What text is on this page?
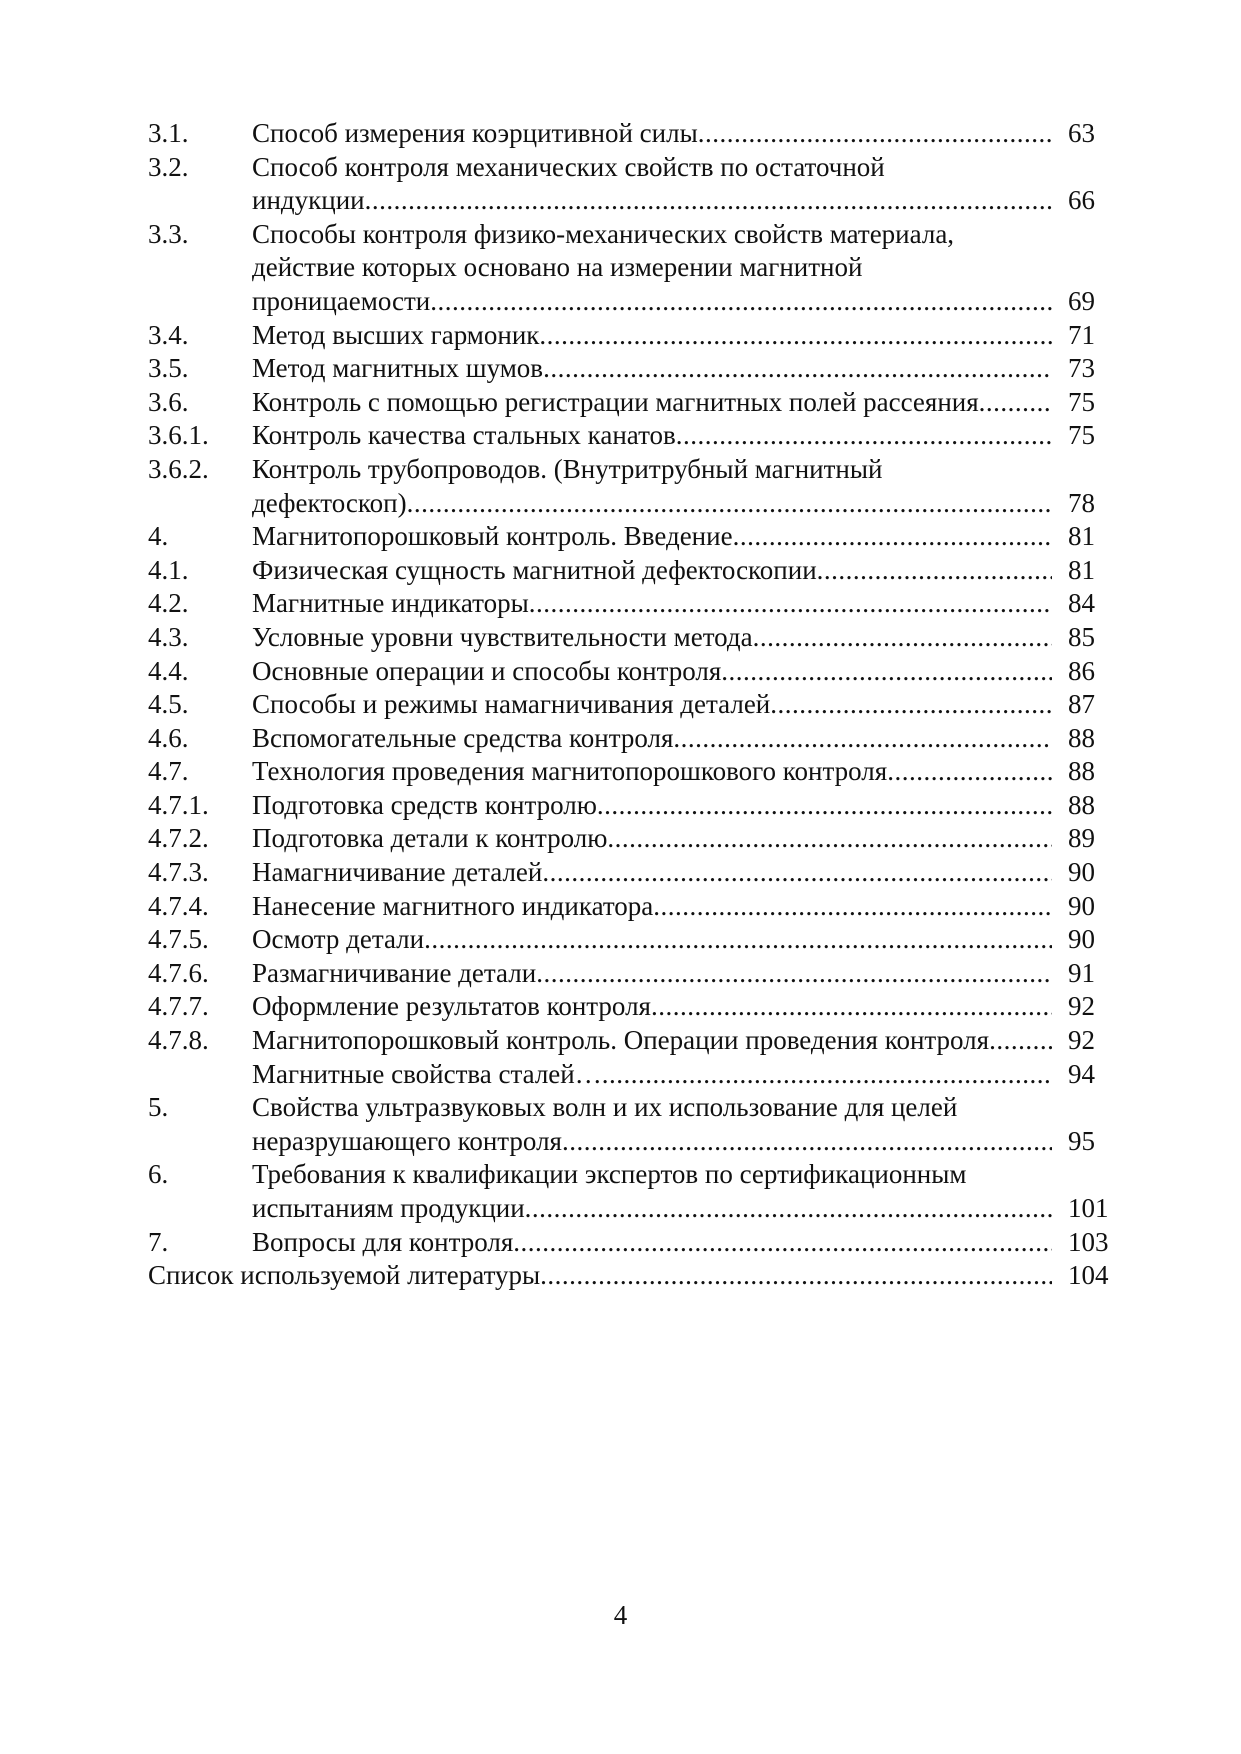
3.1. Способ измерения коэрцитивной силы .....	63
3.2. Способ контроля механических свойств по остаточной
индукции .....	66
3.3. Способы контроля физико-механических свойств материала,
действие которых основано на измерении магнитной
проницаемости .....	69
3.4. Метод высших гармоник .....	71
3.5. Метод магнитных шумов .....	73
3.6. Контроль с помощью регистрации магнитных полей рассеяния .....	75
3.6.1. Контроль качества стальных канатов .....	75
3.6.2. Контроль трубопроводов. (Внутритрубный магнитный
дефектоскоп) .....	78
4.	Магнитопорошковый контроль. Введение .....	81
4.1. Физическая сущность магнитной дефектоскопии .....	81
4.2. Магнитные индикаторы .....	84
4.3. Условные уровни чувствительности метода .....	85
4.4. Основные операции и способы контроля .....	86
4.5. Способы и режимы намагничивания деталей .....	87
4.6. Вспомогательные средства контроля .....	88
4.7. Технология проведения магнитопорошкового контроля .....	88
4.7.1. Подготовка средств контролю .....	88
4.7.2. Подготовка детали к контролю .....	89
4.7.3. Намагничивание деталей .....	90
4.7.4. Нанесение магнитного индикатора .....	90
4.7.5. Осмотр детали .....	90
4.7.6. Размагничивание детали .....	91
4.7.7. Оформление результатов контроля .....	92
4.7.8. Магнитопорошковый контроль. Операции проведения контроля .....	92
Магнитные свойства сталей… .....	94
5.	Свойства ультразвуковых волн и их использование для целей
неразрушающего контроля .....	95
6.	Требования к квалификации экспертов по сертификационным
испытаниям продукции .....	101
7.	Вопросы для контроля .....	103
Список используемой литературы .....	104
4
